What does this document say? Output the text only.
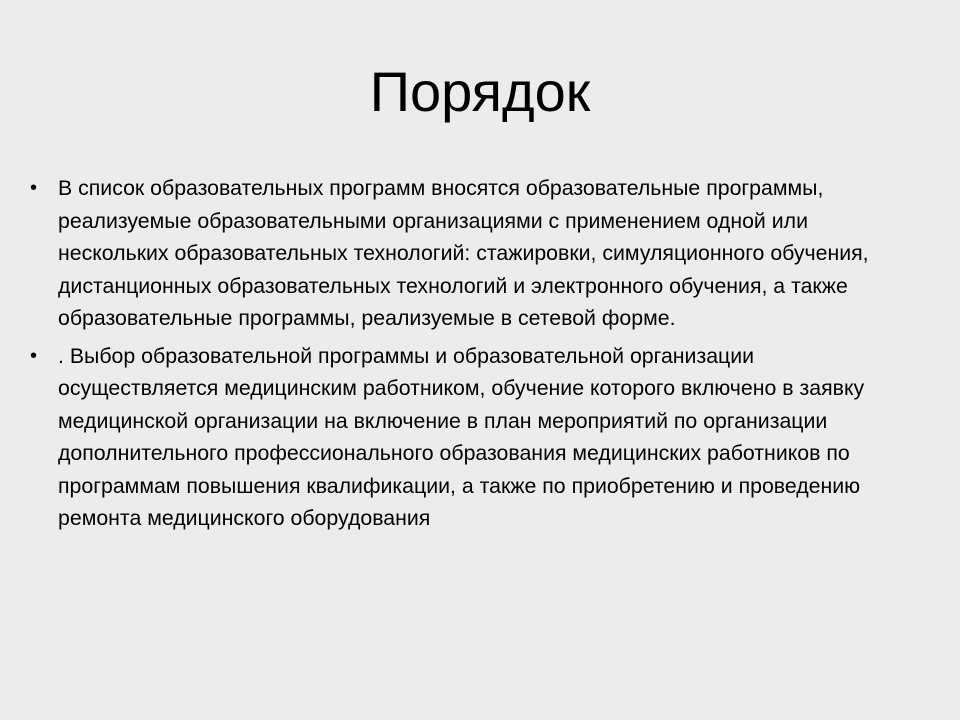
Порядок
• В список образовательных программ вносятся образовательные программы, реализуемые образовательными организациями с применением одной или нескольких образовательных технологий: стажировки, симуляционного обучения, дистанционных образовательных технологий и электронного обучения, а также образовательные программы, реализуемые в сетевой форме.
• . Выбор образовательной программы и образовательной организации осуществляется медицинским работником, обучение которого включено в заявку медицинской организации на включение в план мероприятий по организации дополнительного профессионального образования медицинских работников по программам повышения квалификации, а также по приобретению и проведению ремонта медицинского оборудования
